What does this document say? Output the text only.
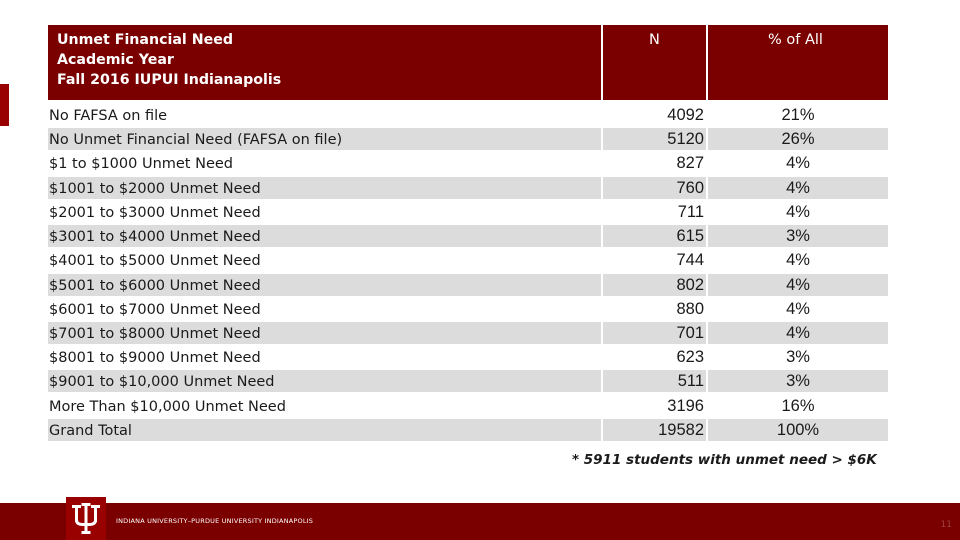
Unmet Financial Need
Academic Year
Fall 2016 IUPUI Indianapolis
N	% of All
No FAFSA on file	4092	21%
No Unmet Financial Need (FAFSA on file)	5120	26%
$1 to $1000 Unmet Need	827	4%
$1001 to $2000 Unmet Need	760	4%
$2001 to $3000 Unmet Need	711	4%
$3001 to $4000 Unmet Need	615	3%
$4001 to $5000 Unmet Need	744	4%
$5001 to $6000 Unmet Need	802	4%
$6001 to $7000 Unmet Need	880	4%
$7001 to $8000 Unmet Need	701	4%
$8001 to $9000 Unmet Need	623	3%
$9001 to $10,000 Unmet Need	511	3%
More Than $10,000 Unmet Need	3196	16%
Grand Total	19582	100%
* 5911 students with unmet need > $6K
INDIANA UNIVERSITY–PURDUE UNIVERSITY INDIANAPOLIS	11
